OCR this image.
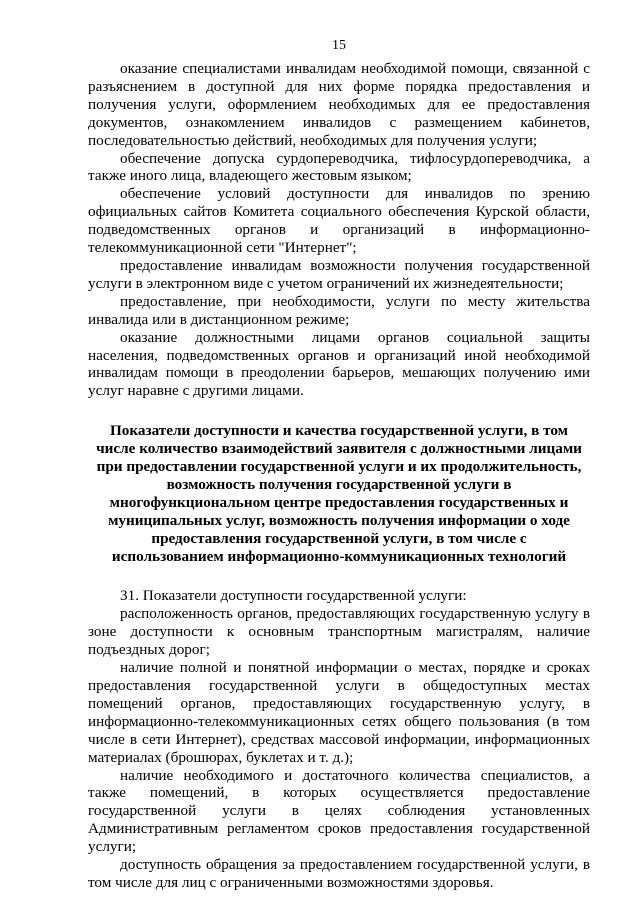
15

оказание специалистами инвалидам необходимой помощи, связанной с разъяснением в доступной для них форме порядка предоставления и получения услуги, оформлением необходимых для ее предоставления документов, ознакомлением инвалидов с размещением кабинетов, последовательностью действий, необходимых для получения услуги;

обеспечение допуска сурдопереводчика, тифлосурдопереводчика, а также иного лица, владеющего жестовым языком;

обеспечение условий доступности для инвалидов по зрению официальных сайтов Комитета социального обеспечения Курской области, подведомственных органов и организаций в информационно-телекоммуникационной сети "Интернет";

предоставление инвалидам возможности получения государственной услуги в электронном виде с учетом ограничений их жизнедеятельности;

предоставление, при необходимости, услуги по месту жительства инвалида или в дистанционном режиме;

оказание должностными лицами органов социальной защиты населения, подведомственных органов и организаций иной необходимой инвалидам помощи в преодолении барьеров, мешающих получению ими услуг наравне с другими лицами.

Показатели доступности и качества государственной услуги, в том числе количество взаимодействий заявителя с должностными лицами при предоставлении государственной услуги и их продолжительность, возможность получения государственной услуги в многофункциональном центре предоставления государственных и муниципальных услуг, возможность получения информации о ходе предоставления государственной услуги, в том числе с использованием информационно-коммуникационных технологий

31. Показатели доступности государственной услуги:

расположенность органов, предоставляющих государственную услугу в зоне доступности к основным транспортным магистралям, наличие подъездных дорог;

наличие полной и понятной информации о местах, порядке и сроках предоставления государственной услуги в общедоступных местах помещений органов, предоставляющих государственную услугу, в информационно-телекоммуникационных сетях общего пользования (в том числе в сети Интернет), средствах массовой информации, информационных материалах (брошюрах, буклетах и т. д.);

наличие необходимого и достаточного количества специалистов, а также помещений, в которых осуществляется предоставление государственной услуги в целях соблюдения установленных Административным регламентом сроков предоставления государственной услуги;

доступность обращения за предоставлением государственной услуги, в том числе для лиц с ограниченными возможностями здоровья.
